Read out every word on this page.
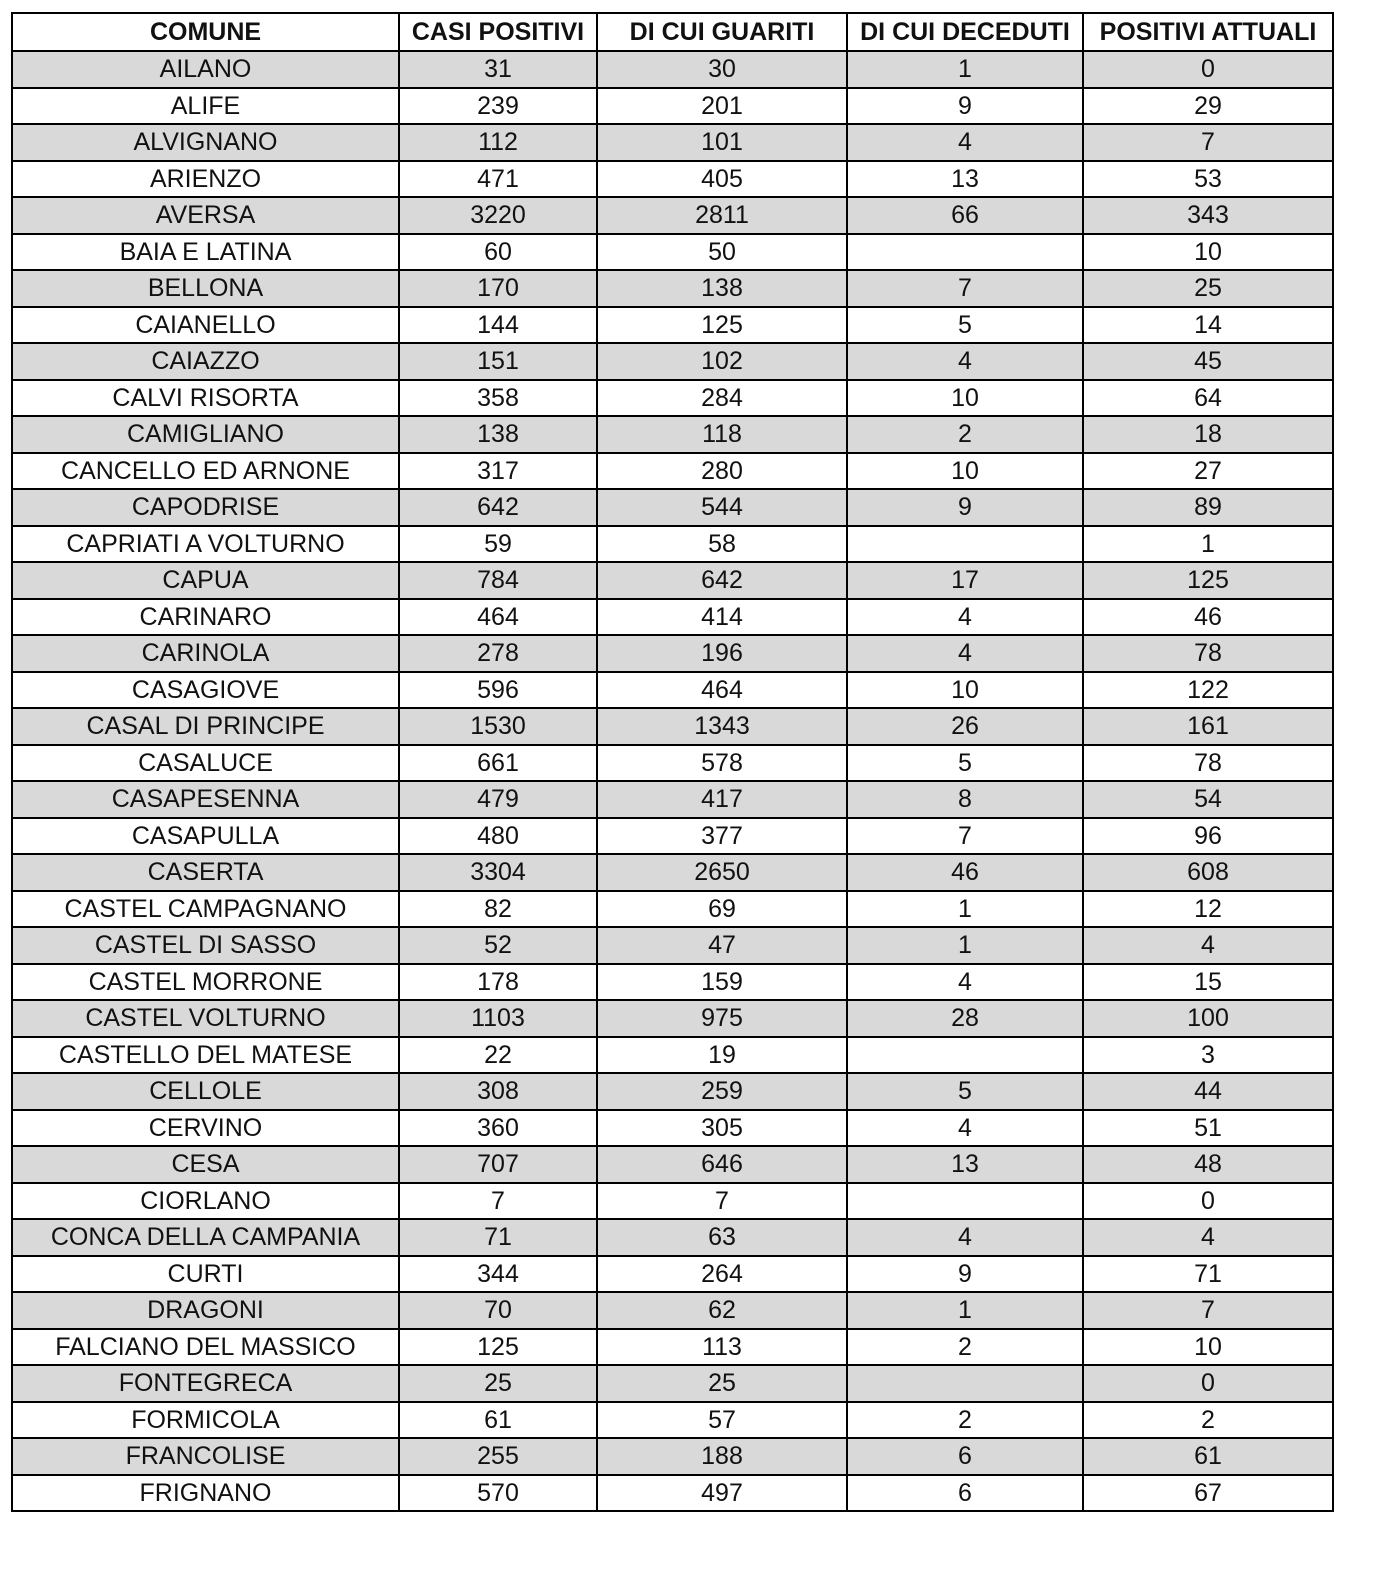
COMUNE	CASI POSITIVI	DI CUI GUARITI	DI CUI DECEDUTI	POSITIVI ATTUALI
AILANO	31	30	1	0
ALIFE	239	201	9	29
ALVIGNANO	112	101	4	7
ARIENZO	471	405	13	53
AVERSA	3220	2811	66	343
BAIA E LATINA	60	50		10
BELLONA	170	138	7	25
CAIANELLO	144	125	5	14
CAIAZZO	151	102	4	45
CALVI RISORTA	358	284	10	64
CAMIGLIANO	138	118	2	18
CANCELLO ED ARNONE	317	280	10	27
CAPODRISE	642	544	9	89
CAPRIATI A VOLTURNO	59	58		1
CAPUA	784	642	17	125
CARINARO	464	414	4	46
CARINOLA	278	196	4	78
CASAGIOVE	596	464	10	122
CASAL DI PRINCIPE	1530	1343	26	161
CASALUCE	661	578	5	78
CASAPESENNA	479	417	8	54
CASAPULLA	480	377	7	96
CASERTA	3304	2650	46	608
CASTEL CAMPAGNANO	82	69	1	12
CASTEL DI SASSO	52	47	1	4
CASTEL MORRONE	178	159	4	15
CASTEL VOLTURNO	1103	975	28	100
CASTELLO DEL MATESE	22	19		3
CELLOLE	308	259	5	44
CERVINO	360	305	4	51
CESA	707	646	13	48
CIORLANO	7	7		0
CONCA DELLA CAMPANIA	71	63	4	4
CURTI	344	264	9	71
DRAGONI	70	62	1	7
FALCIANO DEL MASSICO	125	113	2	10
FONTEGRECA	25	25		0
FORMICOLA	61	57	2	2
FRANCOLISE	255	188	6	61
FRIGNANO	570	497	6	67
